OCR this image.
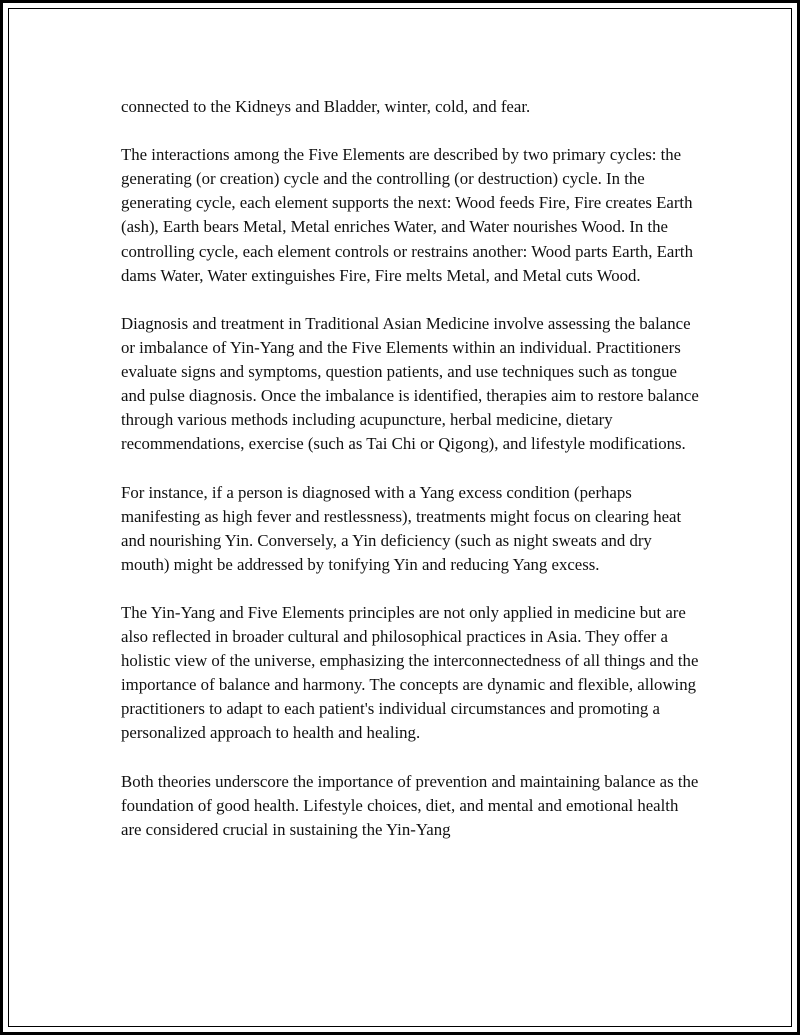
connected to the Kidneys and Bladder, winter, cold, and fear.

The interactions among the Five Elements are described by two primary cycles: the generating (or creation) cycle and the controlling (or destruction) cycle. In the generating cycle, each element supports the next: Wood feeds Fire, Fire creates Earth (ash), Earth bears Metal, Metal enriches Water, and Water nourishes Wood. In the controlling cycle, each element controls or restrains another: Wood parts Earth, Earth dams Water, Water extinguishes Fire, Fire melts Metal, and Metal cuts Wood.

Diagnosis and treatment in Traditional Asian Medicine involve assessing the balance or imbalance of Yin-Yang and the Five Elements within an individual. Practitioners evaluate signs and symptoms, question patients, and use techniques such as tongue and pulse diagnosis. Once the imbalance is identified, therapies aim to restore balance through various methods including acupuncture, herbal medicine, dietary recommendations, exercise (such as Tai Chi or Qigong), and lifestyle modifications.

For instance, if a person is diagnosed with a Yang excess condition (perhaps manifesting as high fever and restlessness), treatments might focus on clearing heat and nourishing Yin. Conversely, a Yin deficiency (such as night sweats and dry mouth) might be addressed by tonifying Yin and reducing Yang excess.

The Yin-Yang and Five Elements principles are not only applied in medicine but are also reflected in broader cultural and philosophical practices in Asia. They offer a holistic view of the universe, emphasizing the interconnectedness of all things and the importance of balance and harmony. The concepts are dynamic and flexible, allowing practitioners to adapt to each patient's individual circumstances and promoting a personalized approach to health and healing.

Both theories underscore the importance of prevention and maintaining balance as the foundation of good health. Lifestyle choices, diet, and mental and emotional health are considered crucial in sustaining the Yin-Yang
